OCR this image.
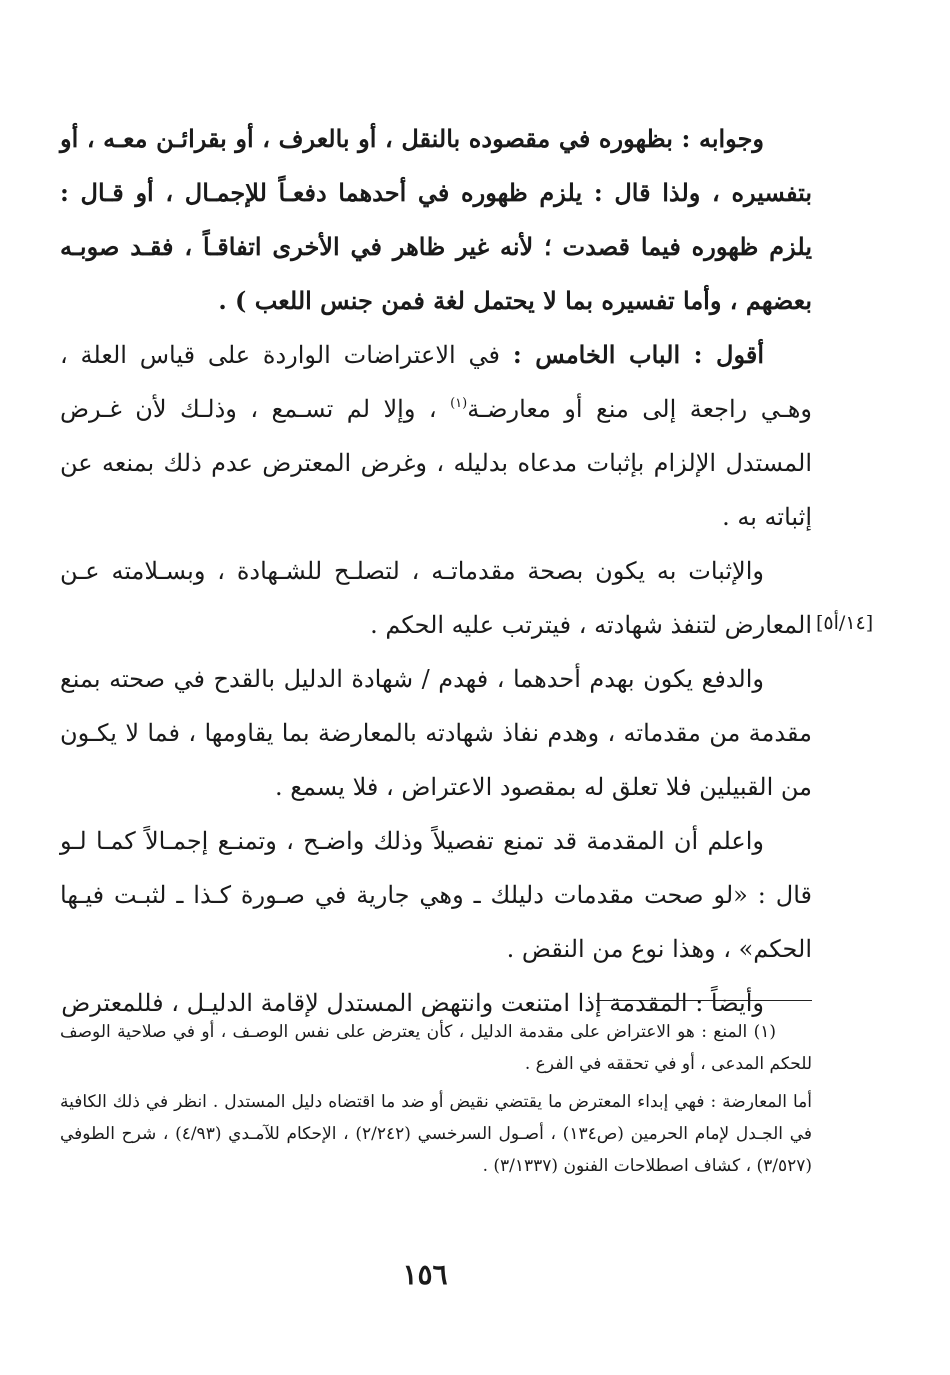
[١٤/أ٥]

وجوابه : بظهوره في مقصوده بالنقل ، أو بالعرف ، أو بقرائـن معـه ، أو بتفسيره ، ولذا قال : يلزم ظهوره في أحدهما دفعـاً للإجمـال ، أو قـال : يلزم ظهوره فيما قصدت ؛ لأنه غير ظاهر في الأخرى اتفاقـاً ، فقـد صوبـه بعضهم ، وأما تفسيره بما لا يحتمل لغة فمن جنس اللعب ) .

أقول : الباب الخامس : في الاعتراضات الواردة على قياس العلة ، وهـي راجعة إلى منع أو معارضـة$^{(١)}$ ، وإلا لم تسـمع ، وذلـك لأن غـرض المستدل الإلزام بإثبات مدعاه بدليله ، وغرض المعترض عدم ذلك بمنعه عن إثباته به .

والإثبات به يكون بصحة مقدماتـه ، لتصلـح للشـهادة ، وبسـلامته عـن المعارض لتنفذ شهادته ، فيترتب عليه الحكم .

والدفع يكون بهدم أحدهما ، فهدم / شهادة الدليل بالقدح في صحته بمنع مقدمة من مقدماته ، وهدم نفاذ شهادته بالمعارضة بما يقاومها ، فما لا يكـون من القبيلين فلا تعلق له بمقصود الاعتراض ، فلا يسمع .

واعلم أن المقدمة قد تمنع تفصيلاً وذلك واضـح ، وتمنـع إجمـالاً كمـا لـو قال : «لو صحت مقدمات دليلك ـ وهي جارية في صـورة كـذا ـ لثبـت فيـها الحكم» ، وهذا نوع من النقض .

وأيضاً : المقدمة إذا امتنعت وانتهض المستدل لإقامة الدليـل ، فللمعترض

(١) المنع : هو الاعتراض على مقدمة الدليل ، كأن يعترض على نفس الوصـف ، أو في صلاحية الوصف للحكم المدعى ، أو في تحققه في الفرع .

أما المعارضة : فهي إبداء المعترض ما يقتضي نقيض أو ضد ما اقتضاه دليل المستدل . انظر في ذلك الكافية في الجـدل لإمام الحرمين (ص١٣٤) ، أصـول السرخسي (٢/٢٤٢) ، الإحكام للآمـدي (٤/٩٣) ، شرح الطوفي (٣/٥٢٧) ، كشاف اصطلاحات الفنون (٣/١٣٣٧) .

١٥٦
